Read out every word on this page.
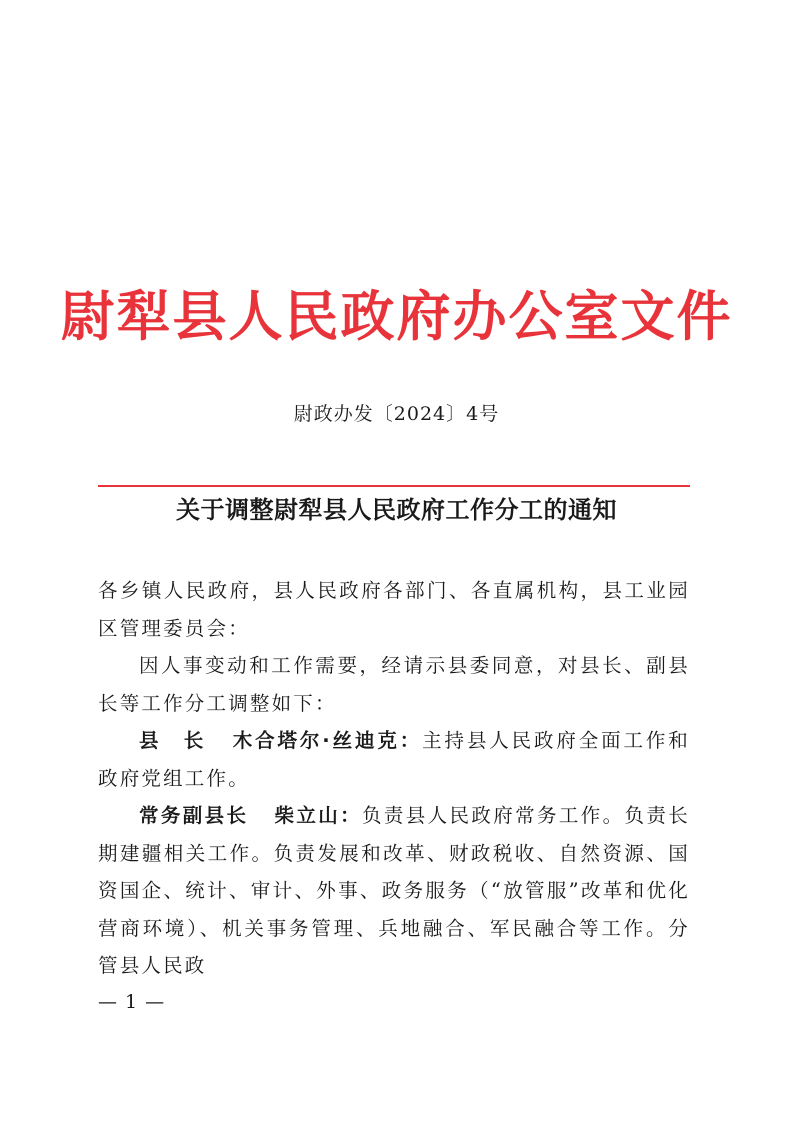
尉犁县人民政府办公室文件
尉政办发〔2024〕4号
关于调整尉犁县人民政府工作分工的通知

各乡镇人民政府，县人民政府各部门、各直属机构，县工业园区管理委员会：

因人事变动和工作需要，经请示县委同意，对县长、副县长等工作分工调整如下：

县　长 木合塔尔·丝迪克：主持县人民政府全面工作和政府党组工作。

常务副县长 柴立山：负责县人民政府常务工作。负责长期建疆相关工作。负责发展和改革、财政税收、自然资源、国资国企、统计、审计、外事、政务服务（“放管服”改革和优化营商环境）、机关事务管理、兵地融合、军民融合等工作。分管县人民政

— 1 —
